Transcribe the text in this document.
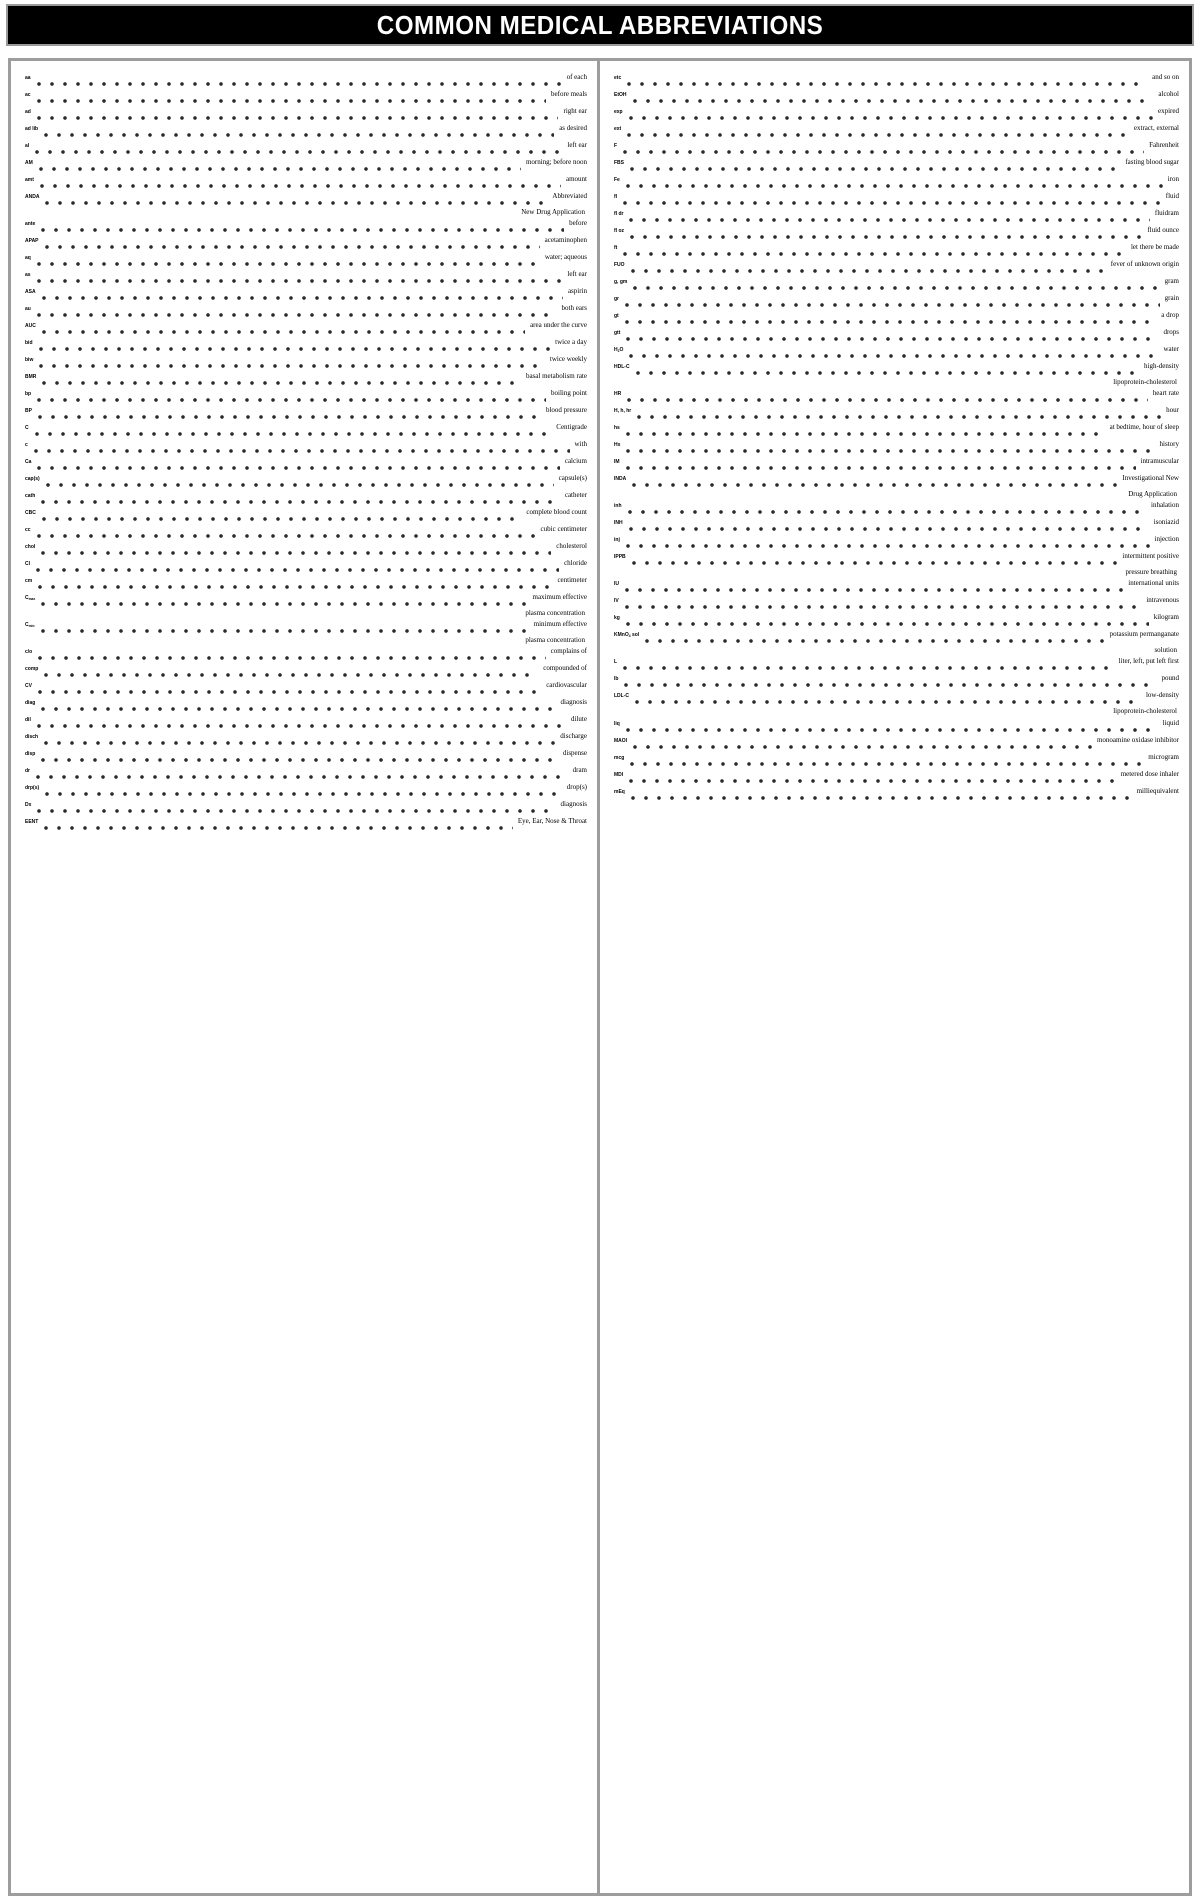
COMMON MEDICAL ABBREVIATIONS
aa	of each
ac	before meals
ad	right ear
ad lib	as desired
al	left ear
AM	morning; before noon
amt	amount
ANDA	Abbreviated
New Drug Application
ante	before
APAP	acetaminophen
aq	water; aqueous
as	left ear
ASA	aspirin
au	both ears
AUC	area under the curve
bid	twice a day
biw	twice weekly
BMR	basal metabolism rate
bp	boiling point
BP	blood pressure
C	Centigrade
c	with
Ca	calcium
cap(s)	capsule(s)
cath	catheter
CBC	complete blood count
cc	cubic centimeter
chol	cholesterol
Cl	chloride
cm	centimeter
$C_{max}$	maximum effective
plasma concentration
$C_{min}$	minimum effective
plasma concentration
c/o	complains of
comp	compounded of
CV	cardiovascular
diag	diagnosis
dil	dilute
disch	discharge
disp	dispense
dr	dram
drp(s)	drop(s)
Dx	diagnosis
EENT	Eye, Ear, Nose & Throat
etc	and so on
EtOH	alcohol
exp	expired
ext	extract, external
F	Fahrenheit
FBS	fasting blood sugar
Fe	iron
fl	fluid
fl dr	fluidram
fl oz	fluid ounce
ft	let there be made
FUO	fever of unknown origin
g, gm	gram
gr	grain
gt	a drop
gtt	drops
$H_2O$	water
HDL-C	high-density
lipoprotein-cholesterol
HR	heart rate
H, h, hr	hour
hs	at bedtime, hour of sleep
Hx	history
IM	intramuscular
INDA	Investigational New
Drug Application
inh	inhalation
INH	isoniazid
inj	injection
IPPB	intermittent positive
pressure breathing
IU	international units
IV	intravenous
kg	kilogram
KMnO$_4$ sol	potassium permanganate
solution
L	liter, left, put left first
lb	pound
LDL-C	low-density
lipoprotein-cholesterol
liq	liquid
MAOI	monoamine oxidase inhibitor
mcg	microgram
MDI	metered dose inhaler
mEq	milliequivalent
